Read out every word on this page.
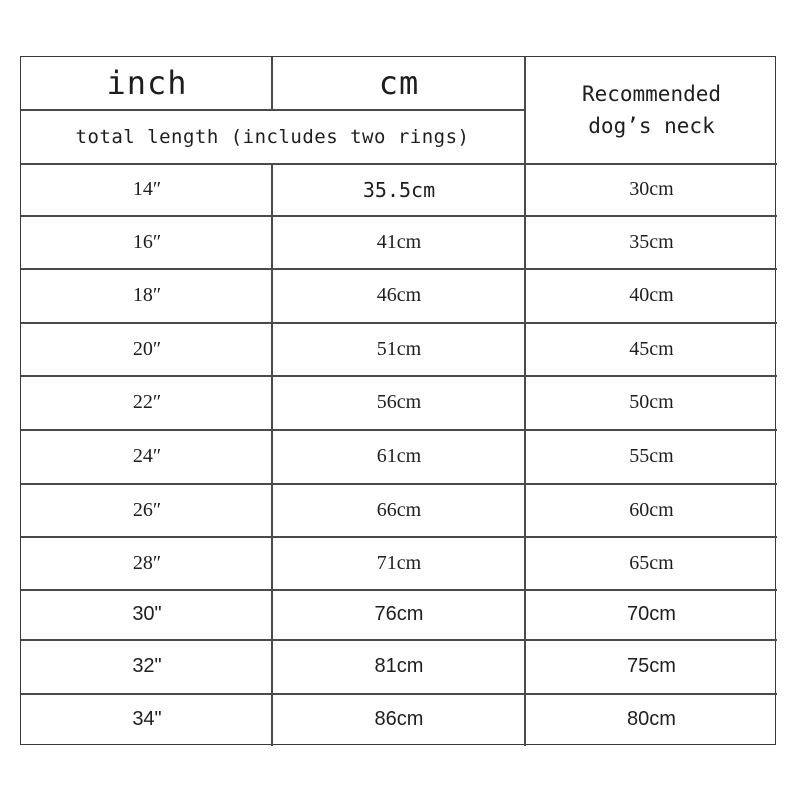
inch	cm
total length (includes two rings)
Recommended
dog’s neck
14″	35.5cm	30cm
16″	41cm	35cm
18″	46cm	40cm
20″	51cm	45cm
22″	56cm	50cm
24″	61cm	55cm
26″	66cm	60cm
28″	71cm	65cm
30"	76cm	70cm
32"	81cm	75cm
34"	86cm	80cm
